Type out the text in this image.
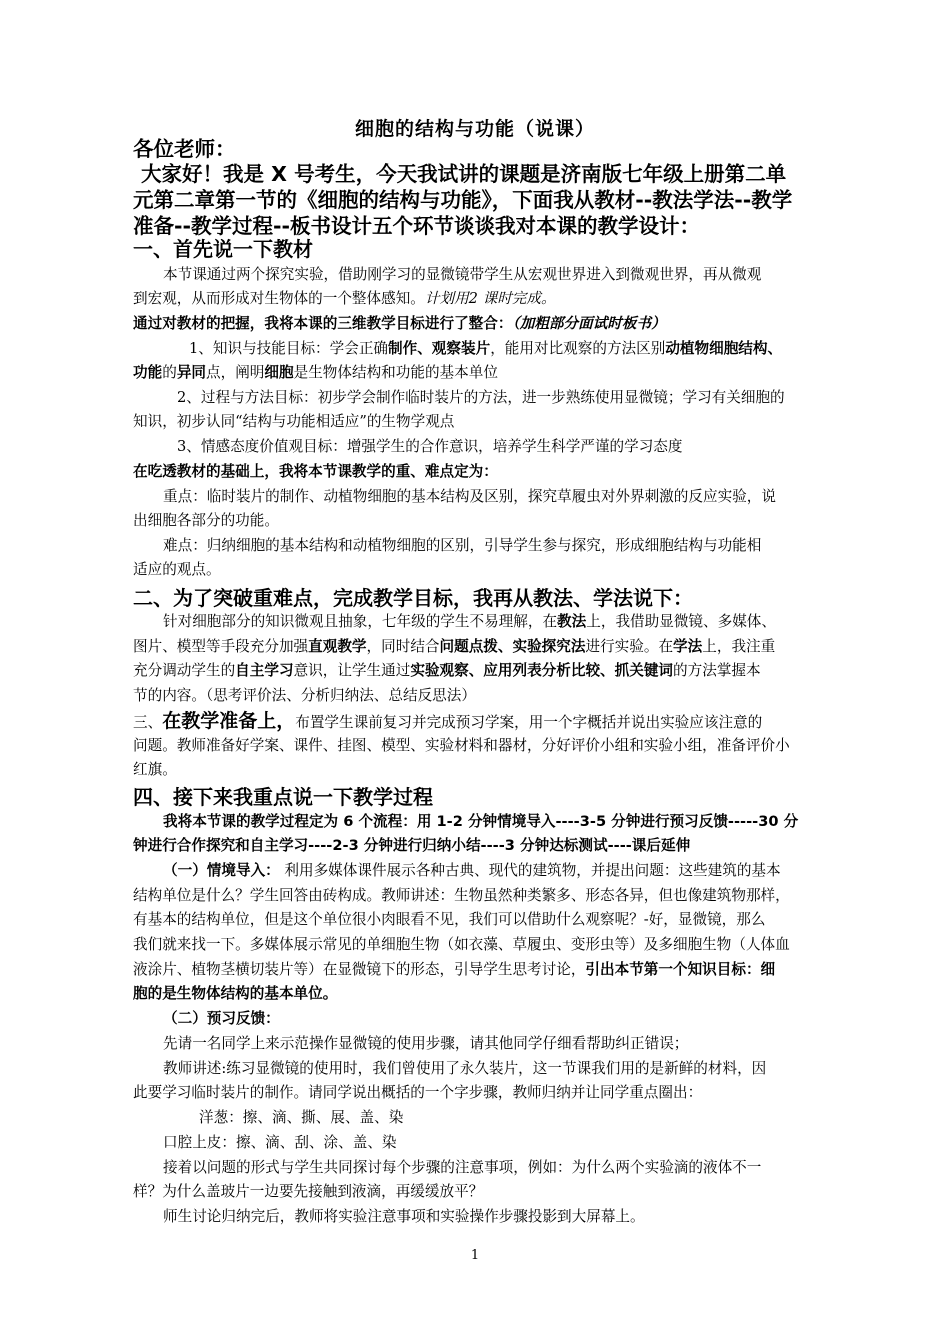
细胞的结构与功能（说课）
各位老师：
大家好！我是 X 号考生，今天我试讲的课题是济南版七年级上册第二单
元第二章第一节的《细胞的结构与功能》，下面我从教材--教法学法--教学
准备--教学过程--板书设计五个环节谈谈我对本课的教学设计：
一、首先说一下教材
本节课通过两个探究实验，借助刚学习的显微镜带学生从宏观世界进入到微观世界，再从微观
到宏观，从而形成对生物体的一个整体感知。计划用2 课时完成。
通过对教材的把握，我将本课的三维教学目标进行了整合：（加粗部分面试时板书）
1、知识与技能目标：学会正确制作、观察装片，能用对比观察的方法区别动植物细胞结构、
功能的异同点，阐明细胞是生物体结构和功能的基本单位
2、过程与方法目标：初步学会制作临时装片的方法，进一步熟练使用显微镜；学习有关细胞的
知识，初步认同“结构与功能相适应”的生物学观点
3、情感态度价值观目标：增强学生的合作意识，培养学生科学严谨的学习态度
在吃透教材的基础上，我将本节课教学的重、难点定为：
重点：临时装片的制作、动植物细胞的基本结构及区别，探究草履虫对外界刺激的反应实验，说
出细胞各部分的功能。
难点：归纳细胞的基本结构和动植物细胞的区别，引导学生参与探究，形成细胞结构与功能相
适应的观点。
二、为了突破重难点，完成教学目标，我再从教法、学法说下：
针对细胞部分的知识微观且抽象，七年级的学生不易理解，在教法上，我借助显微镜、多媒体、
图片、模型等手段充分加强直观教学，同时结合问题点拨、实验探究法进行实验。在学法上，我注重
充分调动学生的自主学习意识，让学生通过实验观察、应用列表分析比较、抓关键词的方法掌握本
节的内容。（思考评价法、分析归纳法、总结反思法）
三、在教学准备上，布置学生课前复习并完成预习学案，用一个字概括并说出实验应该注意的
问题。教师准备好学案、课件、挂图、模型、实验材料和器材，分好评价小组和实验小组，准备评价小
红旗。
四、接下来我重点说一下教学过程
我将本节课的教学过程定为 6 个流程：用 1-2 分钟情境导入----3-5 分钟进行预习反馈-----30 分
钟进行合作探究和自主学习----2-3 分钟进行归纳小结----3 分钟达标测试----课后延伸
（一）情境导入： 利用多媒体课件展示各种古典、现代的建筑物，并提出问题：这些建筑的基本
结构单位是什么？学生回答由砖构成。教师讲述：生物虽然种类繁多、形态各异，但也像建筑物那样，
有基本的结构单位，但是这个单位很小肉眼看不见，我们可以借助什么观察呢？-好，显微镜，那么
我们就来找一下。多媒体展示常见的单细胞生物（如衣藻、草履虫、变形虫等）及多细胞生物（人体血
液涂片、植物茎横切装片等）在显微镜下的形态，引导学生思考讨论，引出本节第一个知识目标：细
胞的是生物体结构的基本单位。
（二）预习反馈：
先请一名同学上来示范操作显微镜的使用步骤，请其他同学仔细看帮助纠正错误；
教师讲述:练习显微镜的使用时，我们曾使用了永久装片，这一节课我们用的是新鲜的材料，因
此要学习临时装片的制作。请同学说出概括的一个字步骤，教师归纳并让同学重点圈出：
洋葱：擦、滴、撕、展、盖、染
口腔上皮：擦、滴、刮、涂、盖、染
接着以问题的形式与学生共同探讨每个步骤的注意事项，例如：为什么两个实验滴的液体不一
样？为什么盖玻片一边要先接触到液滴，再缓缓放平？
师生讨论归纳完后，教师将实验注意事项和实验操作步骤投影到大屏幕上。
1
